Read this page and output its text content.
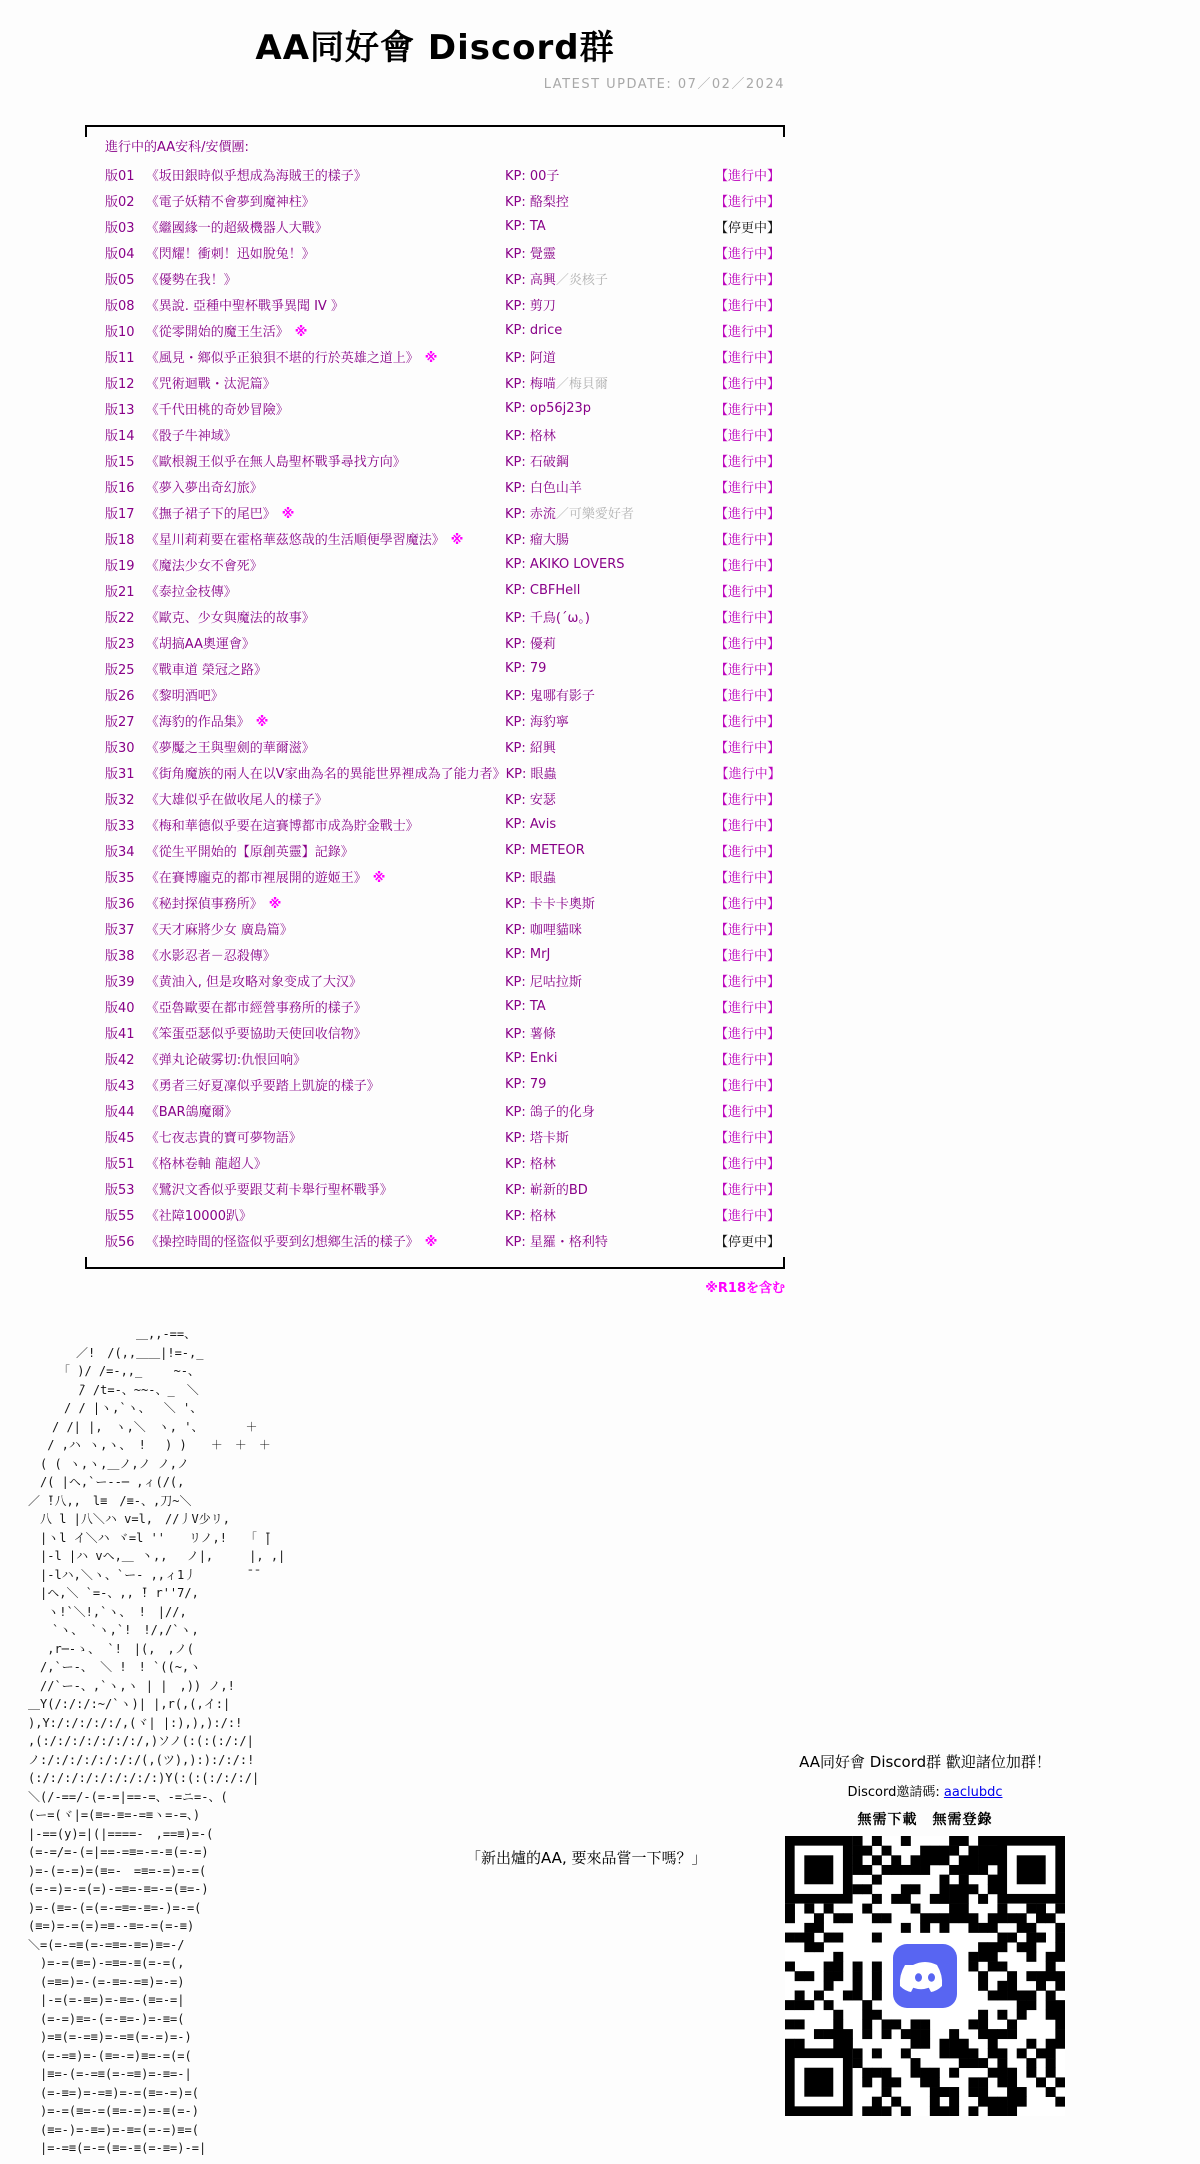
AA同好會 Discord群
LATEST UPDATE: 07／02／2024
進行中的AA安科/安價團:
版01 《坂田銀時似乎想成為海賊王的樣子》	KP: 00子	【進行中】
版02 《電子妖精不會夢到魔神柱》	KP: 酪梨控	【進行中】
版03 《繼國緣一的超級機器人大戰》	KP: TA	【停更中】
版04 《閃耀！衝刺！迅如脫兔！》	KP: 覺靈	【進行中】
版05 《優勢在我！》	KP: 高興／炎核子	【進行中】
版08 《異說. 亞種中聖杯戰爭異聞 IV 》	KP: 剪刀	【進行中】
版10 《從零開始的魔王生活》 ※	KP: drice	【進行中】
版11 《風見・鄉似乎正狼狽不堪的行於英雄之道上》 ※	KP: 阿道	【進行中】
版12 《咒術迴戰・汰泥篇》	KP: 梅喵／梅貝爾	【進行中】
版13 《千代田桃的奇妙冒險》	KP: op56j23p	【進行中】
版14 《骰子牛神域》	KP: 格林	【進行中】
版15 《歐根親王似乎在無人島聖杯戰爭尋找方向》	KP: 石破鋼	【進行中】
版16 《夢入夢出奇幻旅》	KP: 白色山羊	【進行中】
版17 《撫子裙子下的尾巴》 ※	KP: 赤流／可樂愛好者	【進行中】
版18 《星川莉莉要在霍格華茲悠哉的生活順便學習魔法》 ※	KP: 瘤大腸	【進行中】
版19 《魔法少女不會死》	KP: AKIKO LOVERS	【進行中】
版21 《泰拉金枝傳》	KP: CBFHell	【進行中】
版22 《歐克、少女與魔法的故事》	KP: 千鳥(´ω。)	【進行中】
版23 《胡搞AA奧運會》	KP: 優莉	【進行中】
版25 《戰車道 榮冠之路》	KP: 79	【進行中】
版26 《黎明酒吧》	KP: 鬼哪有影子	【進行中】
版27 《海豹的作品集》 ※	KP: 海豹寧	【進行中】
版30 《夢魘之王與聖劍的華爾滋》	KP: 紹興	【進行中】
版31 《街角魔族的兩人在以V家曲為名的異能世界裡成為了能力者》 KP: 眼蟲	【進行中】
版32 《大雄似乎在做收尾人的樣子》	KP: 安瑟	【進行中】
版33 《梅和華德似乎要在這賽博都市成為貯金戰士》	KP: Avis	【進行中】
版34 《從生平開始的【原創英靈】記錄》	KP: METEOR	【進行中】
版35 《在賽博龐克的都市裡展開的遊姬王》 ※	KP: 眼蟲	【進行中】
版36 《秘封探偵事務所》 ※	KP: 卡卡卡奧斯	【進行中】
版37 《天才麻將少女 廣島篇》	KP: 咖哩貓咪	【進行中】
版38 《水影忍者－忍殺傳》	KP: MrJ	【進行中】
版39 《黄油入, 但是攻略对象变成了大汉》	KP: 尼咕拉斯	【進行中】
版40 《亞魯歐要在都市經營事務所的樣子》	KP: TA	【進行中】
版41 《笨蛋亞瑟似乎要協助天使回收信物》	KP: 薯條	【進行中】
版42 《弹丸论破雾切:仇恨回响》	KP: Enki	【進行中】
版43 《勇者三好夏凜似乎要踏上凱旋的樣子》	KP: 79	【進行中】
版44 《BAR鴿魔爾》	KP: 鴿子的化身	【進行中】
版45 《七夜志貴的寶可夢物語》	KP: 塔卡斯	【進行中】
版51 《格林卷軸 龍超人》	KP: 格林	【進行中】
版53 《鷺沢文香似乎要跟艾莉卡舉行聖杯戰爭》	KP: 嶄新的BD	【進行中】
版55 《社障10000趴》	KP: 格林	【進行中】
版56 《操控時間的怪盜似乎要到幻想鄉生活的樣子》 ※	KP: 星羅・格利特	【停更中】
※R18を含む
　　　　　　　　　＿,,-==、
　　　　／!　/(,,＿＿|!=-,_
　　　「 )/ /=-,,_　　 ~-、
　　　  ̄/ /t=-、~~-、_　＼
　　　/ / |ヽ,`ヽ、　 ＼ '、
　　/ /| |,　ヽ,＼　ヽ, '、　　　　＋
　 / ,ハ ヽ,ヽ、 !　 ) )　　＋　＋　＋
　( ( ヽ,ヽ,＿ノ,ノ ノ,ノ
　/( |ヘ,`ー--─ ,ィ(/(,
／ ̄!八,,　l≡　/≡-、,刀~＼
　八 l |八＼ハ v=l,　//丿V少リ,
　|ヽl イ＼ハ ヾ=l ''　　リノ,!　　「 ̄|
　|-l |ハ vヘ,＿ 丶,,　 ノ|,　　　|, ,|
　|-lハ,＼ヽ、`ー- ,,ィ1丿　　　  ̄ ̄
　|ヘ,＼ `=-、,, ̄! r''7/,
　 ヽ!`＼!,`ヽ、 !　|//,
　　`ヽ、 `ヽ,`!　!/,/`ヽ,
　 ,r─-ゝ、 `!　|(,　,ノ(
　/,`ー-、 ＼ !　! `((~,ヽ
　//`ー-、,`ヽ,ヽ | |　,)) ノ,!
＿Y(/:/:/:~/`ヽ)| |,r(,(,イ:|
),Y:/:/:/:/:/,(ヾ| |:),),):/:!
,(:/:/:/:/:/:/:/,)ソノ(:(:(:/:/|
ノ:/:/:/:/:/:/:/(,(ツ),):):/:/:!
(:/:/:/:/:/:/:/:/:)Y(:(:(:/:/:/|
＼(/-==/-(=-=|==-=、-=ニ=-、(
(ー=(ヾ|=(≡=-≡=-=≡ヽ=-=、)
|-==(y)=|(|====-　,==≡)=-(
(=-=/=-(=|==-=≡=-=-≡(=-=)
)=-(=-=)=(≡=-　=≡=-=)=-=(
(=-=)=-=(=)-=≡=-≡=-=(≡=-)
)=-(≡=-(=(=-=≡=-≡=-)=-=(
(≡=)=-=(=)=≡--≡=-=(=-≡)
＼=(=-=≡(=-=≡=-≡=)≡=-/
　)=-=(≡=)-=≡=-≡(=-=(,
　(=≡=)=-(=-≡=-=≡)=-=)
　|-=(=-≡=)=-≡=-(≡=-=|
　(=-=)≡=-(=-≡=-)=-≡=(
　)=≡(=-=≡)=-=≡(=-=)=-)
　(=-=≡)=-(≡=-=)≡=-=(=(
　|≡=-(=-=≡(=-=≡)=-≡=-|
　(=-≡=)=-=≡)=-=(≡=-=)=(
　)=-=(≡=-=(≡=-=)=-≡(=-)
　(≡=-)=-≡=)=-≡=(=-=)≡=(
　|=-=≡(=-=(≡=-≡(=-≡=)-=|
「新出爐的AA, 要來品嘗一下嗎？」
AA同好會 Discord群 歡迎諸位加群！
Discord邀請碼: aaclubdc
無需下載　無需登錄
